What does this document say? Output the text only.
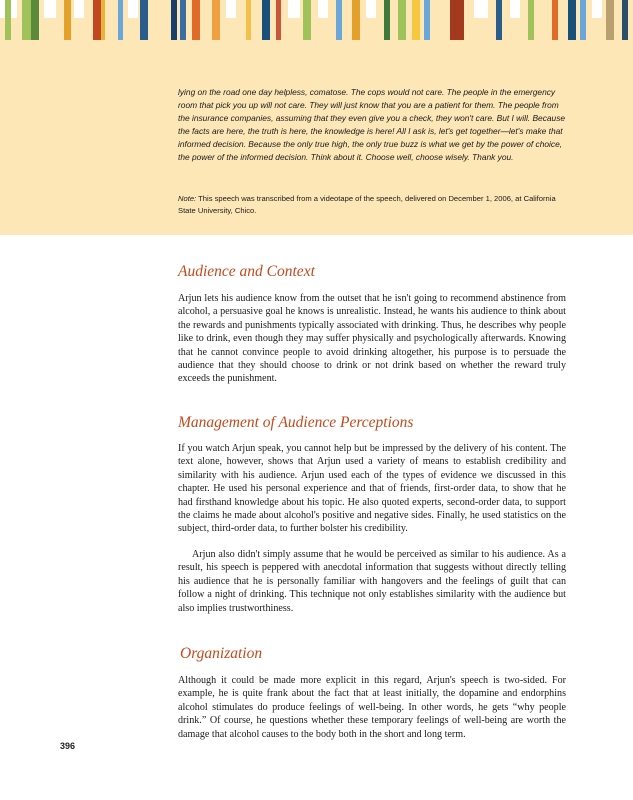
lying on the road one day helpless, comatose. The cops would not care. The people in the emergency room that pick you up will not care. They will just know that you are a patient for them. The people from the insurance companies, assuming that they even give you a check, they won't care. But I will. Because the facts are here, the truth is here, the knowledge is here! All I ask is, let's get together—let's make that informed decision. Because the only true high, the only true buzz is what we get by the power of choice, the power of the informed decision. Think about it. Choose well, choose wisely. Thank you.

Note: This speech was transcribed from a videotape of the speech, delivered on December 1, 2006, at California State University, Chico.

Audience and Context

Arjun lets his audience know from the outset that he isn't going to recommend abstinence from alcohol, a persuasive goal he knows is unrealistic. Instead, he wants his audience to think about the rewards and punishments typically associated with drinking. Thus, he describes why people like to drink, even though they may suffer physically and psychologically afterwards. Knowing that he cannot convince people to avoid drinking altogether, his purpose is to persuade the audience that they should choose to drink or not drink based on whether the reward truly exceeds the punishment.

Management of Audience Perceptions

If you watch Arjun speak, you cannot help but be impressed by the delivery of his content. The text alone, however, shows that Arjun used a variety of means to establish credibility and similarity with his audience. Arjun used each of the types of evidence we discussed in this chapter. He used his personal experience and that of friends, first-order data, to show that he had firsthand knowledge about his topic. He also quoted experts, second-order data, to support the claims he made about alcohol's positive and negative sides. Finally, he used statistics on the subject, third-order data, to further bolster his credibility.

Arjun also didn't simply assume that he would be perceived as similar to his audience. As a result, his speech is peppered with anecdotal information that suggests without directly telling his audience that he is personally familiar with hangovers and the feelings of guilt that can follow a night of drinking. This technique not only establishes similarity with the audience but also implies trustworthiness.

Organization

Although it could be made more explicit in this regard, Arjun's speech is two-sided. For example, he is quite frank about the fact that at least initially, the dopamine and endorphins alcohol stimulates do produce feelings of well-being. In other words, he gets “why people drink.” Of course, he questions whether these temporary feelings of well-being are worth the damage that alcohol causes to the body both in the short and long term.

396
